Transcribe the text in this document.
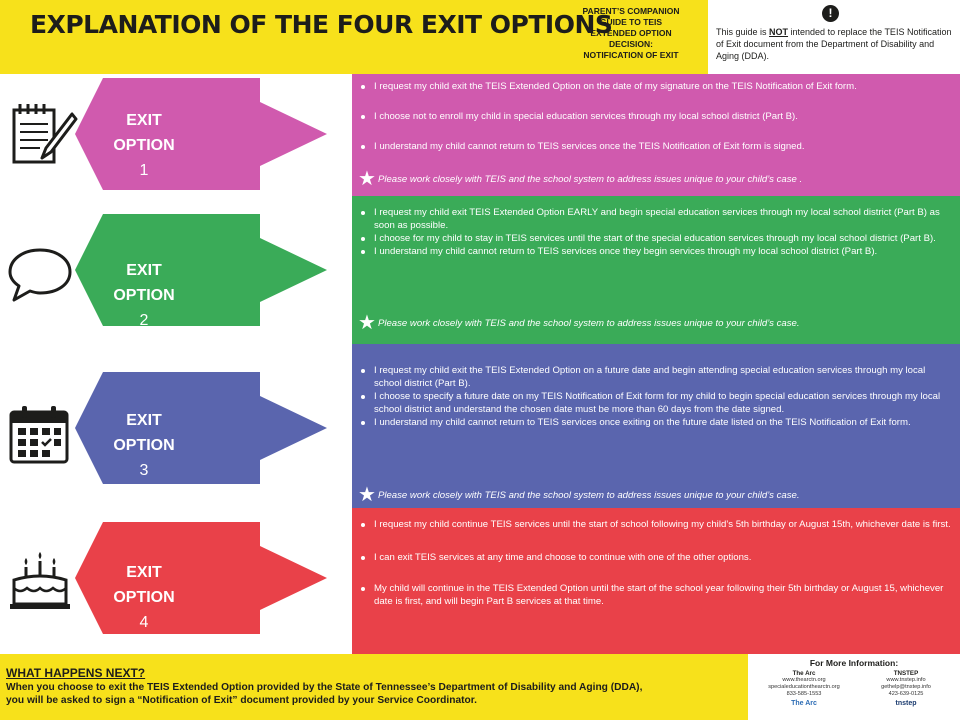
EXPLANATION OF THE FOUR EXIT OPTIONS
PARENT’S COMPANION
GUIDE TO TEIS
EXTENDED OPTION
DECISION:
NOTIFICATION OF EXIT
!
This guide is NOT intended to replace the TEIS Notification of Exit document from the Department of Disability and Aging (DDA).
EXIT
OPTION
1
I request my child exit the TEIS Extended Option on the date of my signature on the TEIS Notification of Exit form.
I choose not to enroll my child in special education services through my local school district (Part B).
I understand my child cannot return to TEIS services once the TEIS Notification of Exit form is signed.
★ Please work closely with TEIS and the school system to address issues unique to your child’s case .
EXIT
OPTION
2
I request my child exit TEIS Extended Option EARLY and begin special education services through my local school district (Part B) as soon as possible.
I choose for my child to stay in TEIS services until the start of the special education services through my local school district (Part B).
I understand my child cannot return to TEIS services once they begin services through my local school district (Part B).
★ Please work closely with TEIS and the school system to address issues unique to your child’s case.
EXIT
OPTION
3
I request my child exit the TEIS Extended Option on a future date and begin attending special education services through my local school district (Part B).
I choose to specify a future date on my TEIS Notification of Exit form for my child to begin special education services through my local school district and understand the chosen date must be more than 60 days from the date signed.
I understand my child cannot return to TEIS services once exiting on the future date listed on the TEIS Notification of Exit form.
★ Please work closely with TEIS and the school system to address issues unique to your child’s case.
EXIT
OPTION
4
I request my child continue TEIS services until the start of school following my child’s 5th birthday or August 15th, whichever date is first.
I can exit TEIS services at any time and choose to continue with one of the other options.
My child will continue in the TEIS Extended Option until the start of the school year following their 5th birthday or August 15, whichever date is first, and will begin Part B services at that time.
WHAT HAPPENS NEXT?
When you choose to exit the TEIS Extended Option provided by the State of Tennessee’s Department of Disability and Aging (DDA),
you will be asked to sign a “Notification of Exit” document provided by your Service Coordinator.
For More Information:
The Arc
www.thearctn.org
specialeducationthearctn.org
833-585-1553
The Arc
TNSTEP
www.tnstep.info
gethelp@tnstep.info
423-639-0125
tnstep
